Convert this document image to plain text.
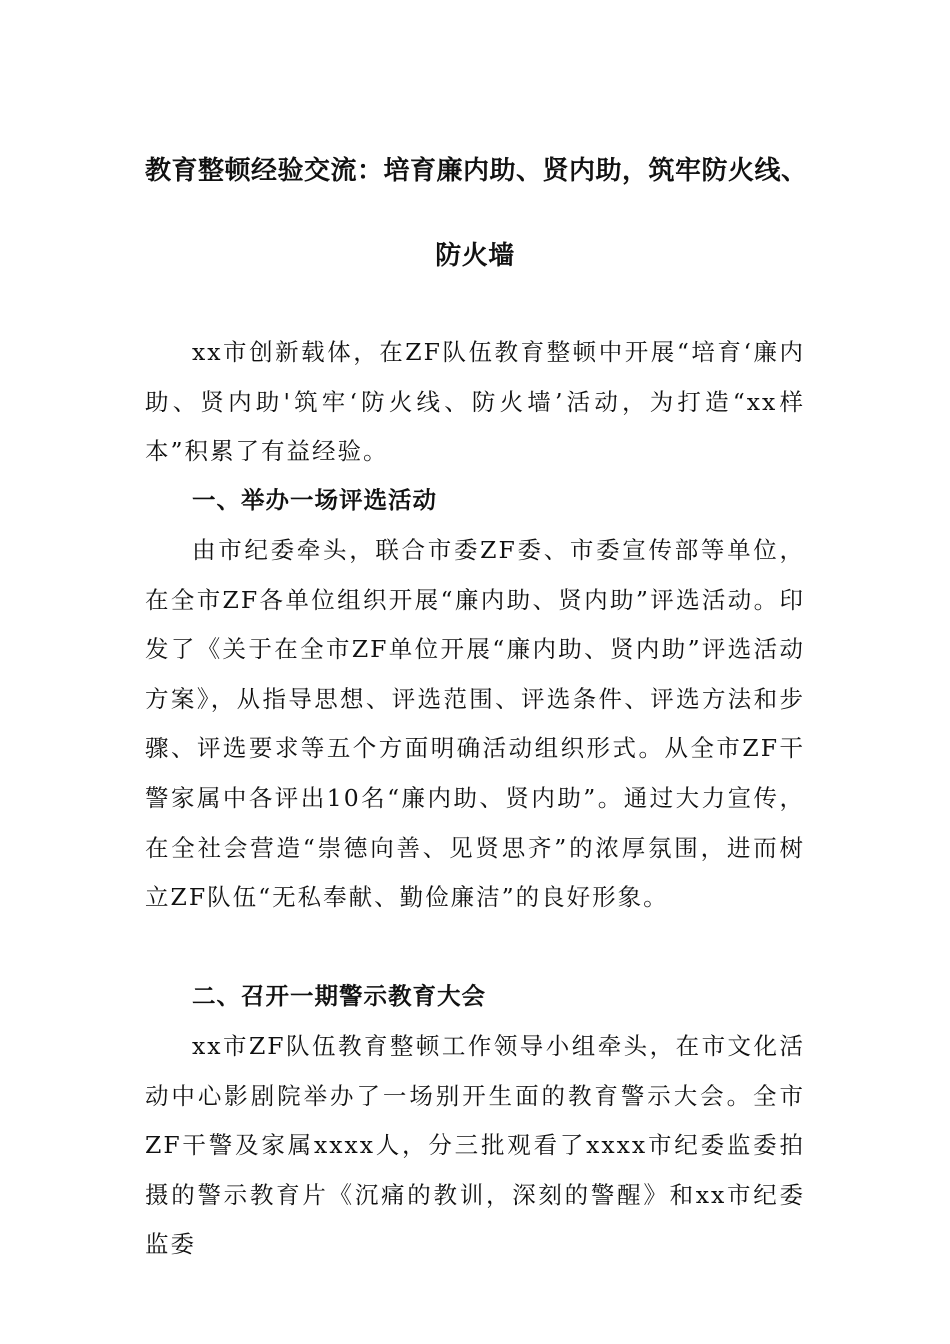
教育整顿经验交流：培育廉内助、贤内助，筑牢防火线、
防火墙

xx市创新载体，在ZF队伍教育整顿中开展“培育‘廉内助、贤内助'筑牢‘防火线、防火墙’活动，为打造“xx样本”积累了有益经验。

一、举办一场评选活动

由市纪委牵头，联合市委ZF委、市委宣传部等单位，在全市ZF各单位组织开展“廉内助、贤内助”评选活动。印发了《关于在全市ZF单位开展“廉内助、贤内助”评选活动方案》，从指导思想、评选范围、评选条件、评选方法和步骤、评选要求等五个方面明确活动组织形式。从全市ZF干警家属中各评出10名“廉内助、贤内助”。通过大力宣传，在全社会营造“崇德向善、见贤思齐”的浓厚氛围，进而树立ZF队伍“无私奉献、勤俭廉洁”的良好形象。

二、召开一期警示教育大会

xx市ZF队伍教育整顿工作领导小组牵头，在市文化活动中心影剧院举办了一场别开生面的教育警示大会。全市ZF干警及家属xxxx人，分三批观看了xxxx市纪委监委拍摄的警示教育片《沉痛的教训，深刻的警醒》和xx市纪委监委
